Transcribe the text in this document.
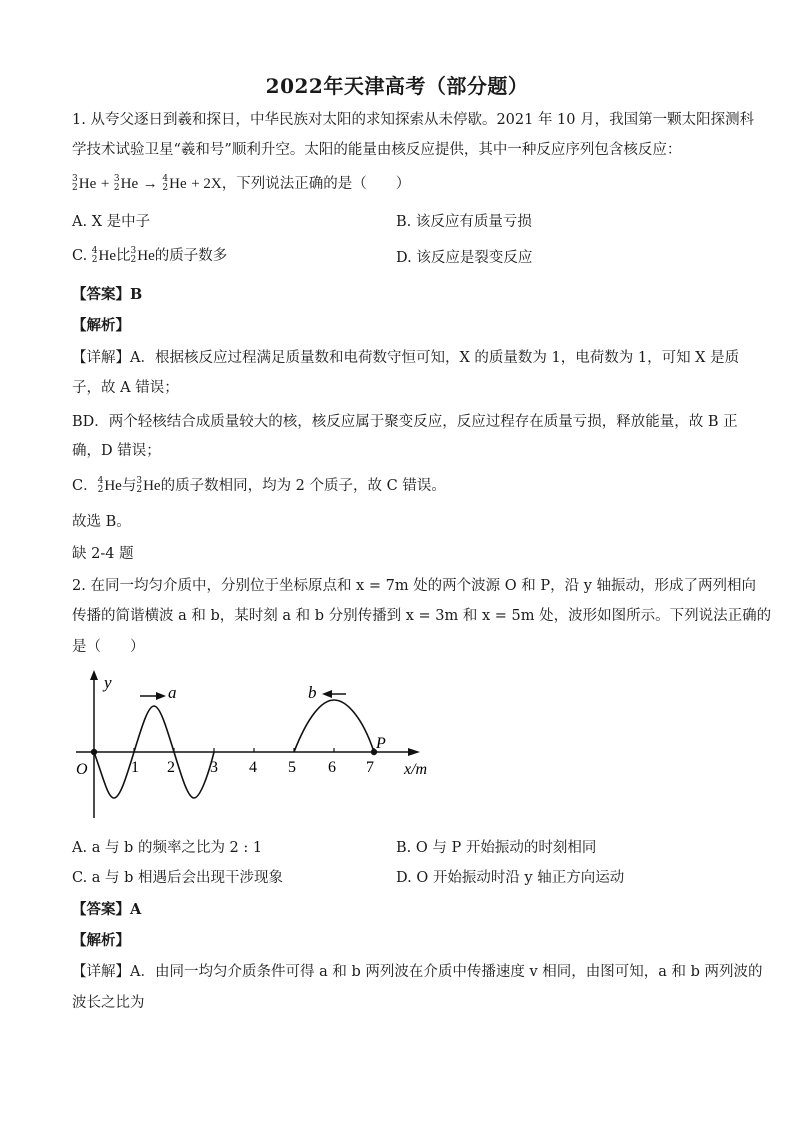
2022年天津高考（部分题）
1. 从夸父逐日到羲和探日，中华民族对太阳的求知探索从未停歇。2021 年 10 月，我国第一颗太阳探测科
学技术试验卫星“羲和号”顺利升空。太阳的能量由核反应提供，其中一种反应序列包含核反应：
3
2 He + 3
2 He → 4
2 He + 2X，下列说法正确的是（　　）
A. X 是中子	B. 该反应有质量亏损
C. 4
2 He比 3
2 He的质子数多	D. 该反应是裂变反应
【答案】B
【解析】
【详解】A．根据核反应过程满足质量数和电荷数守恒可知，X 的质量数为 1，电荷数为 1，可知 X 是质
子，故 A 错误；
BD．两个轻核结合成质量较大的核，核反应属于聚变反应，反应过程存在质量亏损，释放能量，故 B 正
确，D 错误；
C． 4
2 He与 3
2 He的质子数相同，均为 2 个质子，故 C 错误。
故选 B。
缺 2-4 题
2. 在同一均匀介质中，分别位于坐标原点和 x = 7m 处的两个波源 O 和 P，沿 y 轴振动，形成了两列相向
传播的简谐横波 a 和 b，某时刻 a 和 b 分别传播到 x = 3m 和 x = 5m 处，波形如图所示。下列说法正确的
是（　　）
y
x/m
O	1 2 3 4 5 6 7
P
a	b
A. a 与 b 的频率之比为 2 : 1	B. O 与 P 开始振动的时刻相同
C. a 与 b 相遇后会出现干涉现象	D. O 开始振动时沿 y 轴正方向运动
【答案】A
【解析】
【详解】A．由同一均匀介质条件可得 a 和 b 两列波在介质中传播速度 v 相同，由图可知，a 和 b 两列波的
波长之比为
